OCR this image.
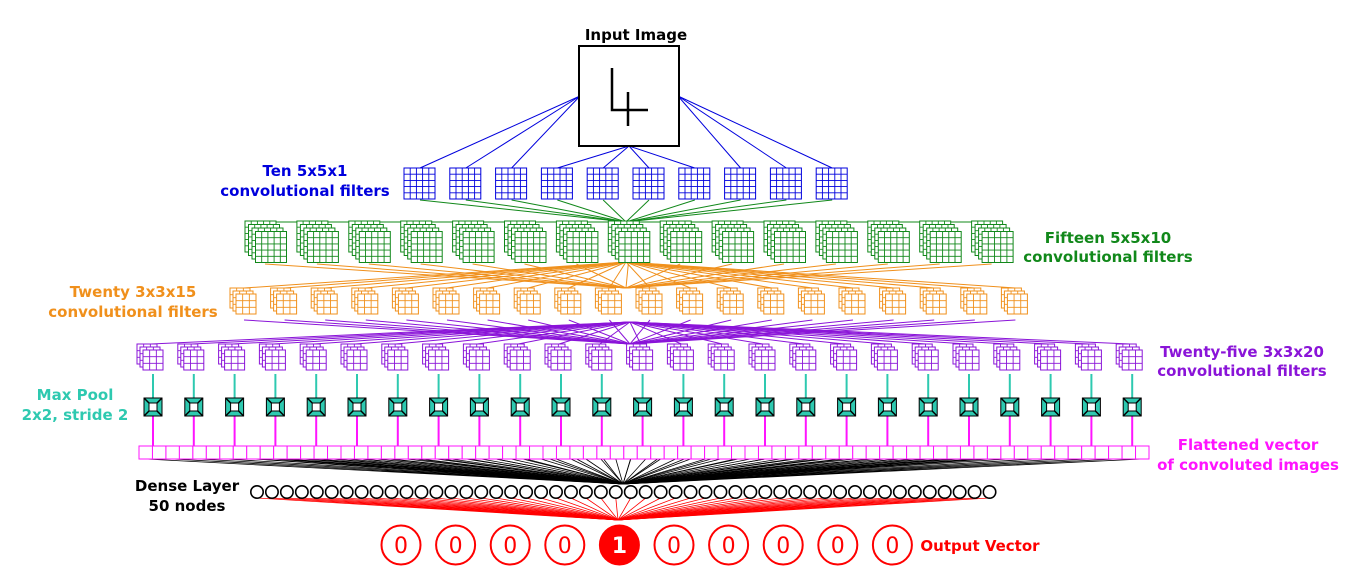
0 0 0 0 1 0 0 0 0 0
Input Image
Ten 5x5x1
convolutional filters
Fifteen 5x5x10
convolutional filters
Twenty 3x3x15
convolutional filters
Twenty-five 3x3x20
convolutional filters
Max Pool
2x2, stride 2
Flattened vector
of convoluted images
Dense Layer
50 nodes
Output Vector
